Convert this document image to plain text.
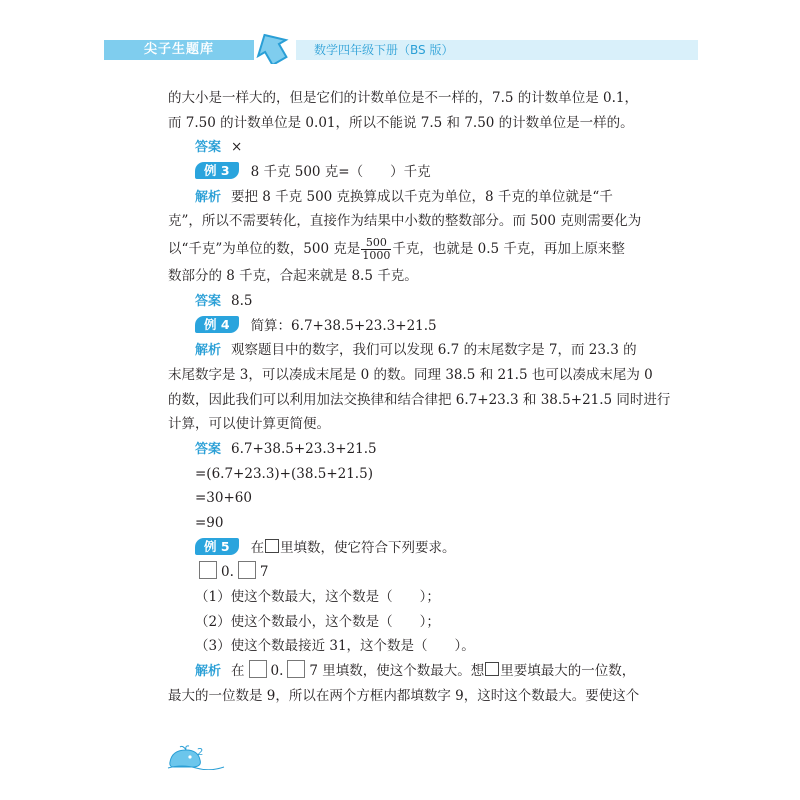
尖子生题库	数学四年级下册（BS 版）
的大小是一样大的，但是它们的计数单位是不一样的，7.5 的计数单位是 0.1，
而 7.50 的计数单位是 0.01，所以不能说 7.5 和 7.50 的计数单位是一样的。
答案 ×
例 3 8 千克 500 克=（　　）千克
解析 要把 8 千克 500 克换算成以千克为单位，8 千克的单位就是“千
克”，所以不需要转化，直接作为结果中小数的整数部分。而 500 克则需要化为
以“千克”为单位的数，500 克是 $\frac{500}{1000}$ 千克，也就是 0.5 千克，再加上原来整
数部分的 8 千克，合起来就是 8.5 千克。
答案 8.5
例 4 简算：6.7+38.5+23.3+21.5
解析 观察题目中的数字，我们可以发现 6.7 的末尾数字是 7，而 23.3 的
末尾数字是 3，可以凑成末尾是 0 的数。同理 38.5 和 21.5 也可以凑成末尾为 0
的数，因此我们可以利用加法交换律和结合律把 6.7+23.3 和 38.5+21.5 同时进行
计算，可以使计算更简便。
答案 6.7+38.5+23.3+21.5
=(6.7+23.3)+(38.5+21.5)
=30+60
=90
例 5 在 里填数，使它符合下列要求。
0. 7
（1）使这个数最大，这个数是（　　）；
（2）使这个数最小，这个数是（　　）；
（3）使这个数最接近 31，这个数是（　　）。
解析 在 0. 7 里填数，使这个数最大。想 里要填最大的一位数，
最大的一位数是 9，所以在两个方框内都填数字 9，这时这个数最大。要使这个
2
